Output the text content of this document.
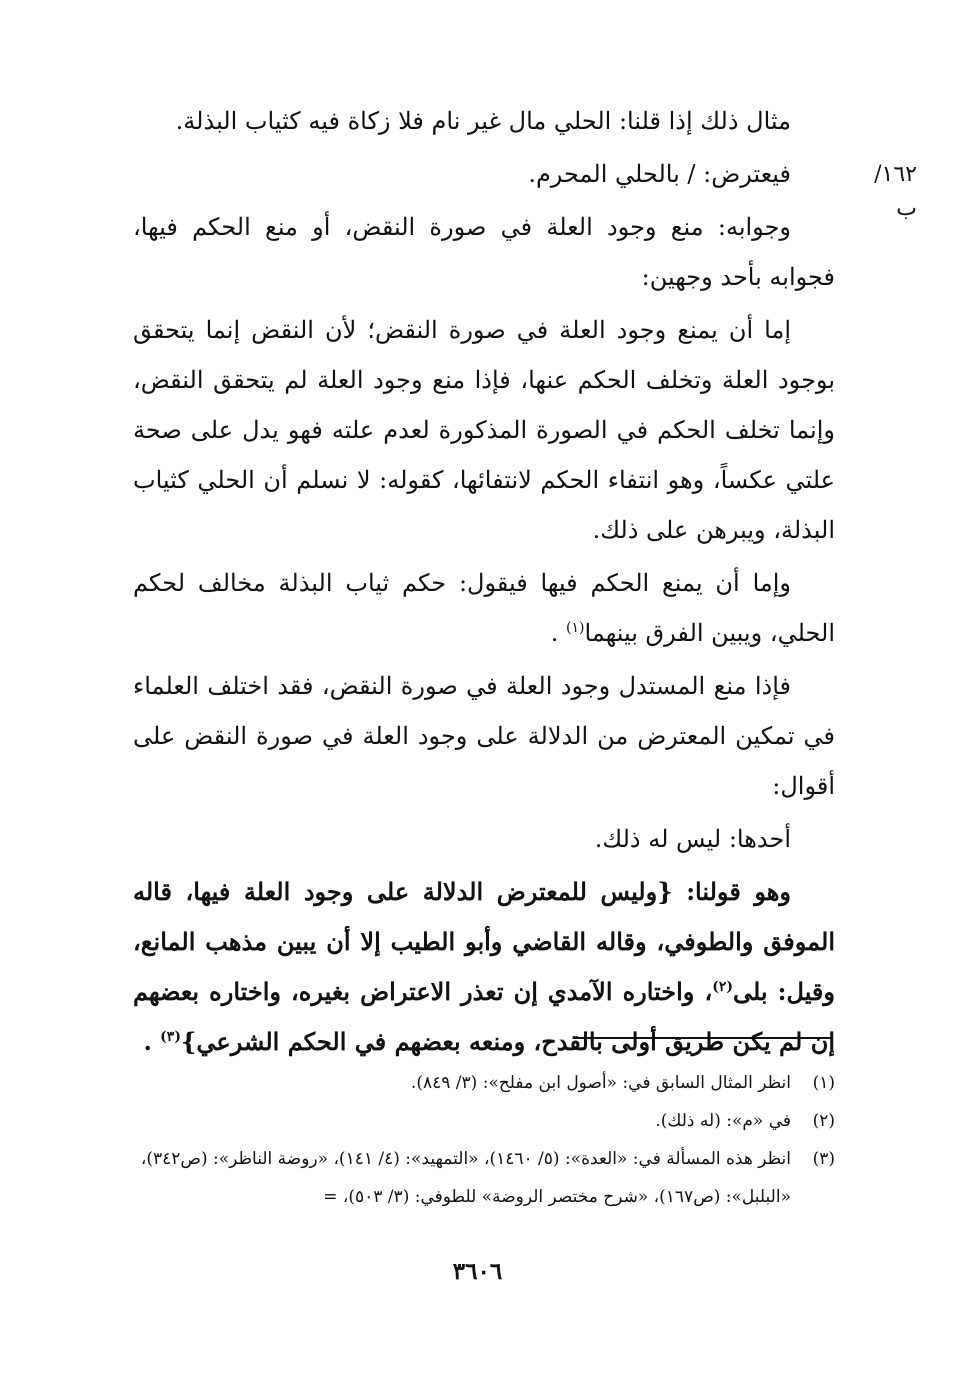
١٦٢/ب

مثال ذلك إذا قلنا: الحلي مال غير نام فلا زكاة فيه كثياب البذلة.

فيعترض: / بالحلي المحرم.

وجوابه: منع وجود العلة في صورة النقض، أو منع الحكم فيها، فجوابه بأحد وجهين:

إما أن يمنع وجود العلة في صورة النقض؛ لأن النقض إنما يتحقق بوجود العلة وتخلف الحكم عنها، فإذا منع وجود العلة لم يتحقق النقض، وإنما تخلف الحكم في الصورة المذكورة لعدم علته فهو يدل على صحة علتي عكساً، وهو انتفاء الحكم لانتفائها، كقوله: لا نسلم أن الحلي كثياب البذلة، ويبرهن على ذلك.

وإما أن يمنع الحكم فيها فيقول: حكم ثياب البذلة مخالف لحكم الحلي، ويبين الفرق بينهما$^{(١)}$ .

فإذا منع المستدل وجود العلة في صورة النقض، فقد اختلف العلماء في تمكين المعترض من الدلالة على وجود العلة في صورة النقض على أقوال:

أحدها: ليس له ذلك.

وهو قولنا: {وليس للمعترض الدلالة على وجود العلة فيها، قاله الموفق والطوفي، وقاله القاضي وأبو الطيب إلا أن يبين مذهب المانع، وقيل: بلى$^{(٢)}$، واختاره الآمدي إن تعذر الاعتراض بغيره، واختاره بعضهم إن لم يكن طريق أولى بالقدح، ومنعه بعضهم في الحكم الشرعي}$^{(٣)}$ .

(١)
انظر المثال السابق في: «أصول ابن مفلح»: (٣/ ٨٤٩).
(٢)
في «م»: (له ذلك).
(٣)
انظر هذه المسألة في: «العدة»: (٥/ ١٤٦٠)، «التمهيد»: (٤/ ١٤١)، «روضة الناظر»: (ص٣٤٢)، «البلبل»: (ص١٦٧)، «شرح مختصر الروضة» للطوفي: (٣/ ٥٠٣)، =
٣٦٠٦
